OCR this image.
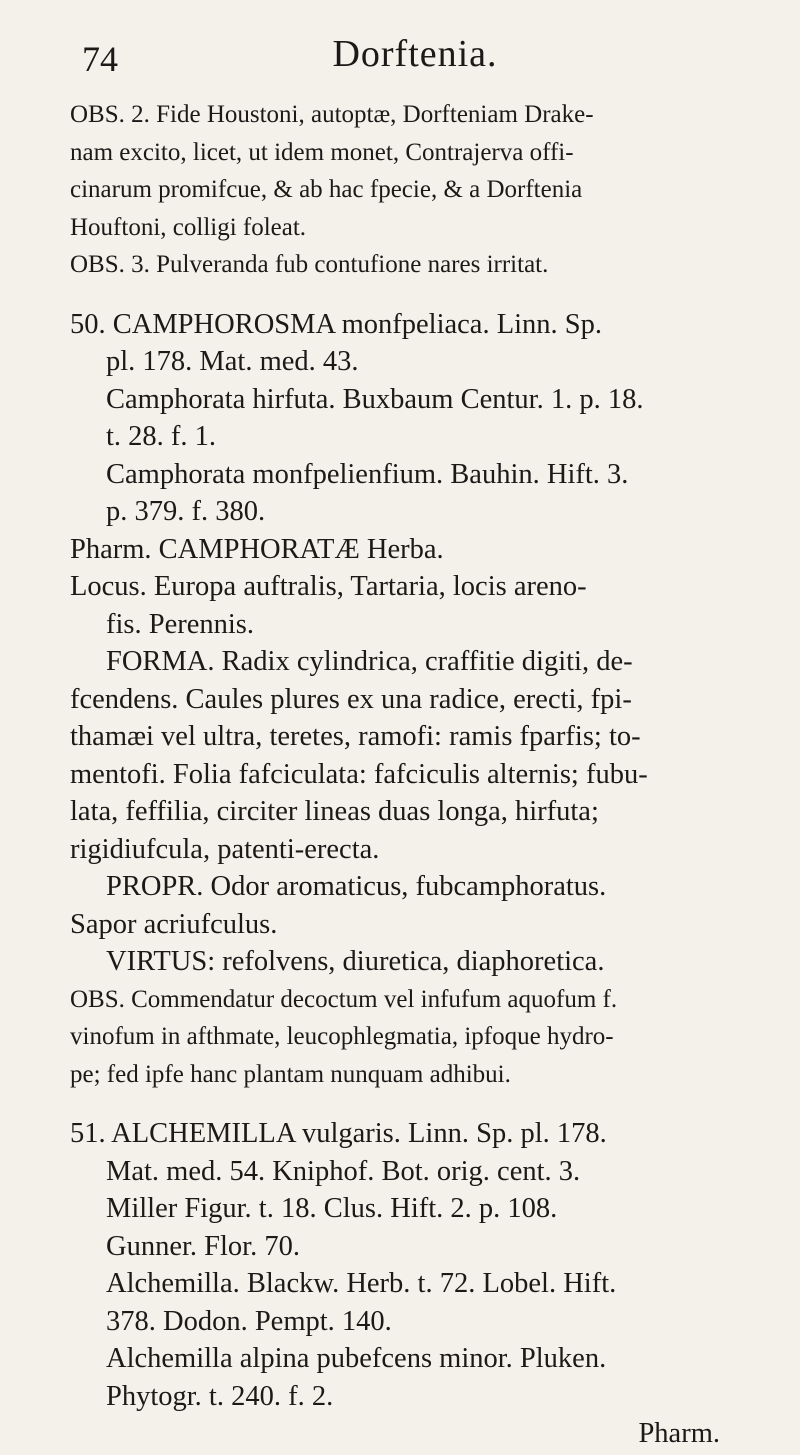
74	Dorftenia.
OBS. 2. Fide Houstoni, autoptæ, Dorfteniam Drake-
nam excito, licet, ut idem monet, Contrajerva offi-
cinarum promifcue, & ab hac fpecie, & a Dorftenia
Houftoni, colligi foleat.
OBS. 3. Pulveranda fub contufione nares irritat.
50. CAMPHOROSMA monfpeliaca. Linn. Sp.
pl. 178. Mat. med. 43.
Camphorata hirfuta. Buxbaum Centur. 1. p. 18.
t. 28. f. 1.
Camphorata monfpelienfium. Bauhin. Hift. 3.
p. 379. f. 380.
Pharm. CAMPHORATÆ Herba.
Locus. Europa auftralis, Tartaria, locis areno-
fis. Perennis.
FORMA. Radix cylindrica, craffitie digiti, de-
fcendens. Caules plures ex una radice, erecti, fpi-
thamæi vel ultra, teretes, ramofi: ramis fparfis; to-
mentofi. Folia fafciculata: fafciculis alternis; fubu-
lata, feffilia, circiter lineas duas longa, hirfuta;
rigidiufcula, patenti-erecta.
PROPR. Odor aromaticus, fubcamphoratus.
Sapor acriufculus.
VIRTUS: refolvens, diuretica, diaphoretica.
OBS. Commendatur decoctum vel infufum aquofum f.
vinofum in afthmate, leucophlegmatia, ipfoque hydro-
pe; fed ipfe hanc plantam nunquam adhibui.
51. ALCHEMILLA vulgaris. Linn. Sp. pl. 178.
Mat. med. 54. Kniphof. Bot. orig. cent. 3.
Miller Figur. t. 18. Clus. Hift. 2. p. 108.
Gunner. Flor. 70.
Alchemilla. Blackw. Herb. t. 72. Lobel. Hift.
378. Dodon. Pempt. 140.
Alchemilla alpina pubefcens minor. Pluken.
Phytogr. t. 240. f. 2.
Pharm.
